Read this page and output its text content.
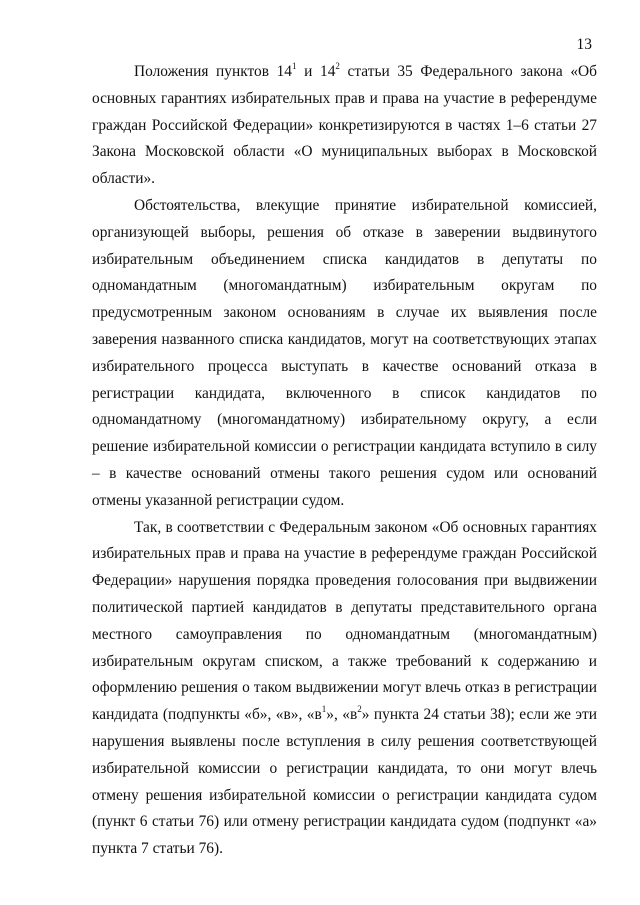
13

Положения пунктов $14^1$ и $14^2$ статьи 35 Федерального закона «Об основных гарантиях избирательных прав и права на участие в референдуме граждан Российской Федерации» конкретизируются в частях 1–6 статьи 27 Закона Московской области «О муниципальных выборах в Московской области».

Обстоятельства, влекущие принятие избирательной комиссией, организующей выборы, решения об отказе в заверении выдвинутого избирательным объединением списка кандидатов в депутаты по одномандатным (многомандатным) избирательным округам по предусмотренным законом основаниям в случае их выявления после заверения названного списка кандидатов, могут на соответствующих этапах избирательного процесса выступать в качестве оснований отказа в регистрации кандидата, включенного в список кандидатов по одномандатному (многомандатному) избирательному округу, а если решение избирательной комиссии о регистрации кандидата вступило в силу – в качестве оснований отмены такого решения судом или оснований отмены указанной регистрации судом.

Так, в соответствии с Федеральным законом «Об основных гарантиях избирательных прав и права на участие в референдуме граждан Российской Федерации» нарушения порядка проведения голосования при выдвижении политической партией кандидатов в депутаты представительного органа местного самоуправления по одномандатным (многомандатным) избирательным округам списком, а также требований к содержанию и оформлению решения о таком выдвижении могут влечь отказ в регистрации кандидата (подпункты «б», «в», «$в^1$», «$в^2$» пункта 24 статьи 38); если же эти нарушения выявлены после вступления в силу решения соответствующей избирательной комиссии о регистрации кандидата, то они могут влечь отмену решения избирательной комиссии о регистрации кандидата судом (пункт 6 статьи 76) или отмену регистрации кандидата судом (подпункт «а» пункта 7 статьи 76).
